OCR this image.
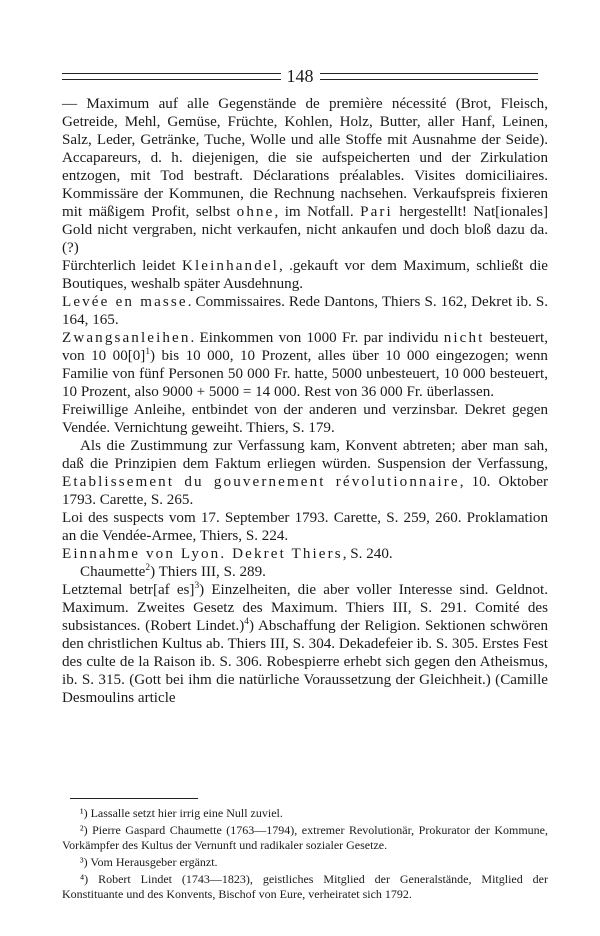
148

— Maximum auf alle Gegenstände de première nécessité (Brot, Fleisch, Getreide, Mehl, Gemüse, Früchte, Kohlen, Holz, Butter, aller Hanf, Leinen, Salz, Leder, Getränke, Tuche, Wolle und alle Stoffe mit Ausnahme der Seide). Accapareurs, d. h. diejenigen, die sie aufspeicherten und der Zirkulation entzogen, mit Tod bestraft. Déclarations préalables. Visites domiciliaires. Kommissäre der Kommunen, die Rechnung nachsehen. Verkaufspreis fixieren mit mäßigem Profit, selbst ohne, im Notfall. Pari hergestellt! Nat[ionales] Gold nicht vergraben, nicht verkaufen, nicht ankaufen und doch bloß dazu da. (?)

Fürchterlich leidet Kleinhandel, .gekauft vor dem Maximum, schließt die Boutiques, weshalb später Ausdehnung.

Levée en masse. Commissaires. Rede Dantons, Thiers S. 162, Dekret ib. S. 164, 165.

Zwangsanleihen. Einkommen von 1000 Fr. par individu nicht besteuert, von 10 $00[0]^1$) bis 10 000, 10 Prozent, alles über 10 000 eingezogen; wenn Familie von fünf Personen 50 000 Fr. hatte, 5000 unbesteuert, 10 000 besteuert, 10 Prozent, also 9000 + 5000 = 14 000. Rest von 36 000 Fr. überlassen.

Freiwillige Anleihe, entbindet von der anderen und verzinsbar. Dekret gegen Vendée. Vernichtung geweiht. Thiers, S. 179.

Als die Zustimmung zur Verfassung kam, Konvent abtreten; aber man sah, daß die Prinzipien dem Faktum erliegen würden. Suspension der Verfassung, Etablissement du gouvernement révolutionnaire, 10. Oktober 1793. Carette, S. 265.

Loi des suspects vom 17. September 1793. Carette, S. 259, 260. Proklamation an die Vendée-Armee, Thiers, S. 224.

Einnahme von Lyon. Dekret Thiers, S. 240.

Chaumette$^2$) Thiers III, S. 289.

Letztemal betr[af es]$^3$) Einzelheiten, die aber voller Interesse sind. Geldnot. Maximum. Zweites Gesetz des Maximum. Thiers III, S. 291. Comité des subsistances. (Robert Lindet.)$^4$) Abschaffung der Religion. Sektionen schwören den christlichen Kultus ab. Thiers III, S. 304. Dekadefeier ib. S. 305. Erstes Fest des culte de la Raison ib. S. 306. Robespierre erhebt sich gegen den Atheismus, ib. S. 315. (Gott bei ihm die natürliche Voraussetzung der Gleichheit.) (Camille Desmoulins article

¹) Lassalle setzt hier irrig eine Null zuviel.

²) Pierre Gaspard Chaumette (1763—1794), extremer Revolutionär, Prokurator der Kommune, Vorkämpfer des Kultus der Vernunft und radikaler sozialer Gesetze.

³) Vom Herausgeber ergänzt.

⁴) Robert Lindet (1743—1823), geistliches Mitglied der Generalstände, Mitglied der Konstituante und des Konvents, Bischof von Eure, verheiratet sich 1792.
